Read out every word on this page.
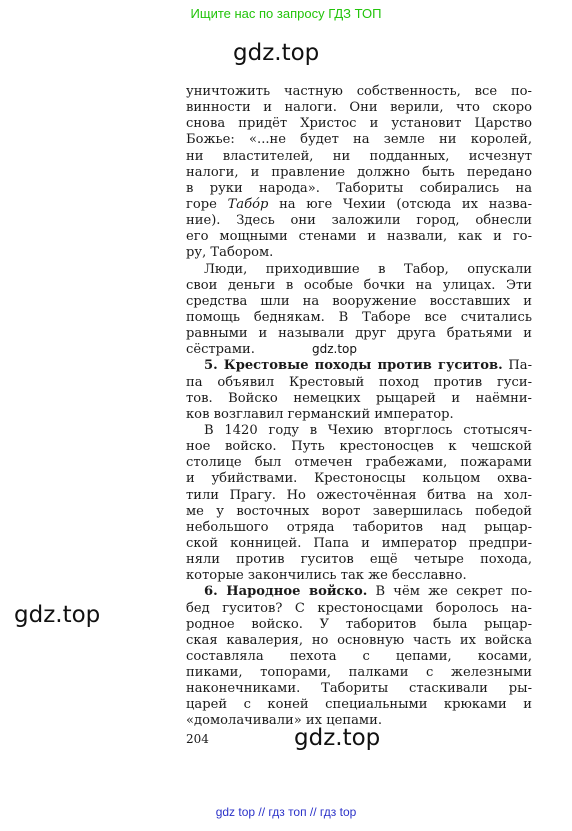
Ищите нас по запросу ГДЗ ТОП
gdz.top
уничтожить частную собственность, все по-
винности и налоги. Они верили, что скоро
снова придёт Христос и установит Царство
Божье: «...не будет на земле ни королей,
ни властителей, ни подданных, исчезнут
налоги, и правление должно быть передано
в руки народа». Табориты собирались на
горе Табóр на юге Чехии (отсюда их назва-
ние). Здесь они заложили город, обнесли
его мощными стенами и назвали, как и го-
ру, Табором.
Люди, приходившие в Табор, опускали
свои деньги в особые бочки на улицах. Эти
средства шли на вооружение восставших и
помощь беднякам. В Таборе все считались
равными и называли друг друга братьями и
сёстрами.
5. Крестовые походы против гуситов. Па-
па объявил Крестовый поход против гуси-
тов. Войско немецких рыцарей и наёмни-
ков возглавил германский император.
В 1420 году в Чехию вторглось стотысяч-
ное войско. Путь крестоносцев к чешской
столице был отмечен грабежами, пожарами
и убийствами. Крестоносцы кольцом охва-
тили Прагу. Но ожесточённая битва на хол-
ме у восточных ворот завершилась победой
небольшого отряда таборитов над рыцар-
ской конницей. Папа и император предпри-
няли против гуситов ещё четыре похода,
которые закончились так же бесславно.
6. Народное войско. В чём же секрет по-
бед гуситов? С крестоносцами боролось на-
родное войско. У таборитов была рыцар-
ская кавалерия, но основную часть их войска
составляла пехота с цепами, косами,
пиками, топорами, палками с железными
наконечниками. Табориты стаскивали ры-
царей с коней специальными крюками и
«домолачивали» их цепами.
gdz.top
gdz.top
204	gdz.top
gdz top // гдз топ // гдз top
